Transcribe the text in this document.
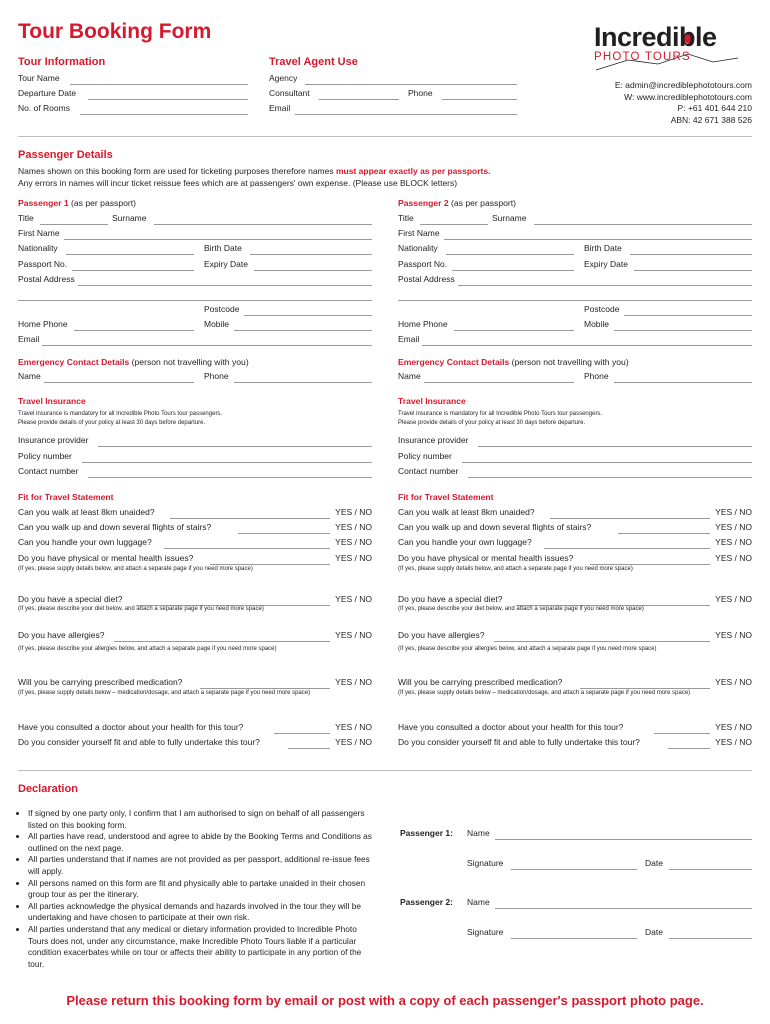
Tour Booking Form	Incredible
PHOTO TOURS
E: admin@incrediblephototours.com
W: www.incrediblephototours.com
P: +61 401 644 210
ABN: 42 671 388 526
Tour Information
Tour Name
Departure Date
No. of Rooms
Travel Agent Use
Agency
Consultant	Phone
Email
Passenger Details
Names shown on this booking form are used for ticketing purposes therefore names must appear exactly as per passports.
Any errors in names will incur ticket reissue fees which are at passengers' own expense. (Please use BLOCK letters)
Passenger 1 (as per passport)
Title	Surname
First Name
Nationality	Birth Date
Passport No.	Expiry Date
Postal Address
Postcode
Home Phone	Mobile
Email
Emergency Contact Details (person not travelling with you)
Name	Phone
Travel Insurance
Travel insurance is mandatory for all Incredible Photo Tours tour passengers.
Please provide details of your policy at least 30 days before departure.
Insurance provider
Policy number
Contact number
Fit for Travel Statement
Can you walk at least 8km unaided?	YES / NO
Can you walk up and down several flights of stairs?	YES / NO
Can you handle your own luggage?	YES / NO
Do you have physical or mental health issues?	YES / NO
(If yes, please supply details below, and attach a separate page if you need more space)
Do you have a special diet?	YES / NO
(If yes, please describe your diet below, and attach a separate page if you need more space)
Do you have allergies?	YES / NO
(If yes, please describe your allergies below, and attach a separate page if you need more space)
Will you be carrying prescribed medication?	YES / NO
(If yes, please supply details below – medication/dosage, and attach a separate page if you need more space)
Have you consulted a doctor about your health for this tour?	YES / NO
Do you consider yourself fit and able to fully undertake this tour?	YES / NO
Passenger 2 (as per passport)
Title	Surname
First Name
Nationality	Birth Date
Passport No.	Expiry Date
Postal Address
Postcode
Home Phone	Mobile
Email
Emergency Contact Details (person not travelling with you)
Name	Phone
Travel Insurance
Travel insurance is mandatory for all Incredible Photo Tours tour passengers.
Please provide details of your policy at least 30 days before departure.
Insurance provider
Policy number
Contact number
Fit for Travel Statement
Can you walk at least 8km unaided?	YES / NO
Can you walk up and down several flights of stairs?	YES / NO
Can you handle your own luggage?	YES / NO
Do you have physical or mental health issues?	YES / NO
(If yes, please supply details below, and attach a separate page if you need more space)
Do you have a special diet?	YES / NO
(If yes, please describe your diet below, and attach a separate page if you need more space)
Do you have allergies?	YES / NO
(If yes, please describe your allergies below, and attach a separate page if you need more space)
Will you be carrying prescribed medication?	YES / NO
(If yes, please supply details below – medication/dosage, and attach a separate page if you need more space)
Have you consulted a doctor about your health for this tour?	YES / NO
Do you consider yourself fit and able to fully undertake this tour?	YES / NO
Declaration
• If signed by one party only, I confirm that I am authorised to sign on behalf of all passengers listed on this booking form.
• All parties have read, understood and agree to abide by the Booking Terms and Conditions as outlined on the next page.
• All parties understand that if names are not provided as per passport, additional re-issue fees will apply.
• All persons named on this form are fit and physically able to partake unaided in their chosen group tour as per the itinerary.
• All parties acknowledge the physical demands and hazards involved in the tour they will be undertaking and have chosen to participate at their own risk.
• All parties understand that any medical or dietary information provided to Incredible Photo Tours does not, under any circumstance, make Incredible Photo Tours liable if a particular condition exacerbates while on tour or affects their ability to participate in any portion of the tour.
Passenger 1: Name
Signature	Date
Passenger 2: Name
Signature	Date
Please return this booking form by email or post with a copy of each passenger's passport photo page.
